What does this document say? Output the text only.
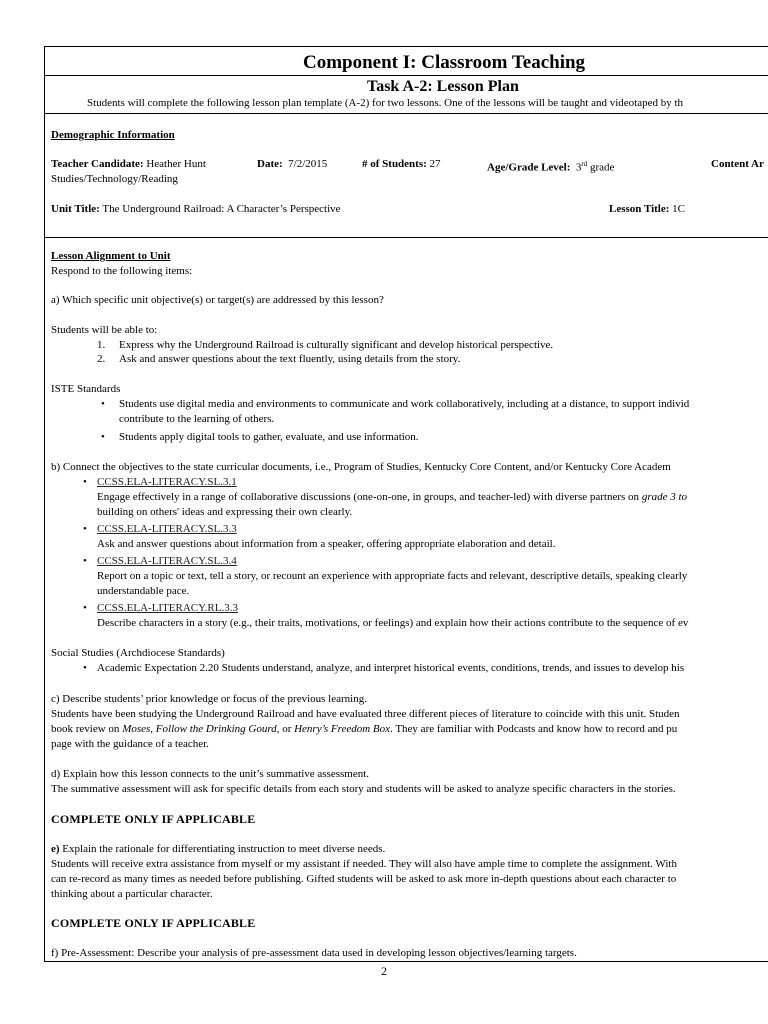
Component I: Classroom Teaching
Task A-2: Lesson Plan
Students will complete the following lesson plan template (A-2) for two lessons. One of the lessons will be taught and videotaped by th
Demographic Information
Teacher Candidate: Heather Hunt	Date: 7/2/2015	# of Students: 27	Age/Grade Level: 3rd grade	Content Ar
Studies/Technology/Reading
Unit Title: The Underground Railroad: A Character’s Perspective	Lesson Title: 1C
Lesson Alignment to Unit
Respond to the following items:
a) Which specific unit objective(s) or target(s) are addressed by this lesson?
Students will be able to:
1. Express why the Underground Railroad is culturally significant and develop historical perspective.
2. Ask and answer questions about the text fluently, using details from the story.
ISTE Standards
• Students use digital media and environments to communicate and work collaboratively, including at a distance, to support individ
contribute to the learning of others.
• Students apply digital tools to gather, evaluate, and use information.
b) Connect the objectives to the state curricular documents, i.e., Program of Studies, Kentucky Core Content, and/or Kentucky Core Academ
• CCSS.ELA-LITERACY.SL.3.1
Engage effectively in a range of collaborative discussions (one-on-one, in groups, and teacher-led) with diverse partners on grade 3 to
building on others' ideas and expressing their own clearly.
• CCSS.ELA-LITERACY.SL.3.3
Ask and answer questions about information from a speaker, offering appropriate elaboration and detail.
• CCSS.ELA-LITERACY.SL.3.4
Report on a topic or text, tell a story, or recount an experience with appropriate facts and relevant, descriptive details, speaking clearly
understandable pace.
• CCSS.ELA-LITERACY.RL.3.3
Describe characters in a story (e.g., their traits, motivations, or feelings) and explain how their actions contribute to the sequence of ev
Social Studies (Archdiocese Standards)
• Academic Expectation 2.20 Students understand, analyze, and interpret historical events, conditions, trends, and issues to develop his
c) Describe students’ prior knowledge or focus of the previous learning.
Students have been studying the Underground Railroad and have evaluated three different pieces of literature to coincide with this unit. Studen
book review on Moses, Follow the Drinking Gourd, or Henry’s Freedom Box. They are familiar with Podcasts and know how to record and pu
page with the guidance of a teacher.
d) Explain how this lesson connects to the unit’s summative assessment.
The summative assessment will ask for specific details from each story and students will be asked to analyze specific characters in the stories.
COMPLETE ONLY IF APPLICABLE
e) Explain the rationale for differentiating instruction to meet diverse needs.
Students will receive extra assistance from myself or my assistant if needed. They will also have ample time to complete the assignment. With
can re-record as many times as needed before publishing. Gifted students will be asked to ask more in-depth questions about each character to
thinking about a particular character.
COMPLETE ONLY IF APPLICABLE
f) Pre-Assessment: Describe your analysis of pre-assessment data used in developing lesson objectives/learning targets.
2
